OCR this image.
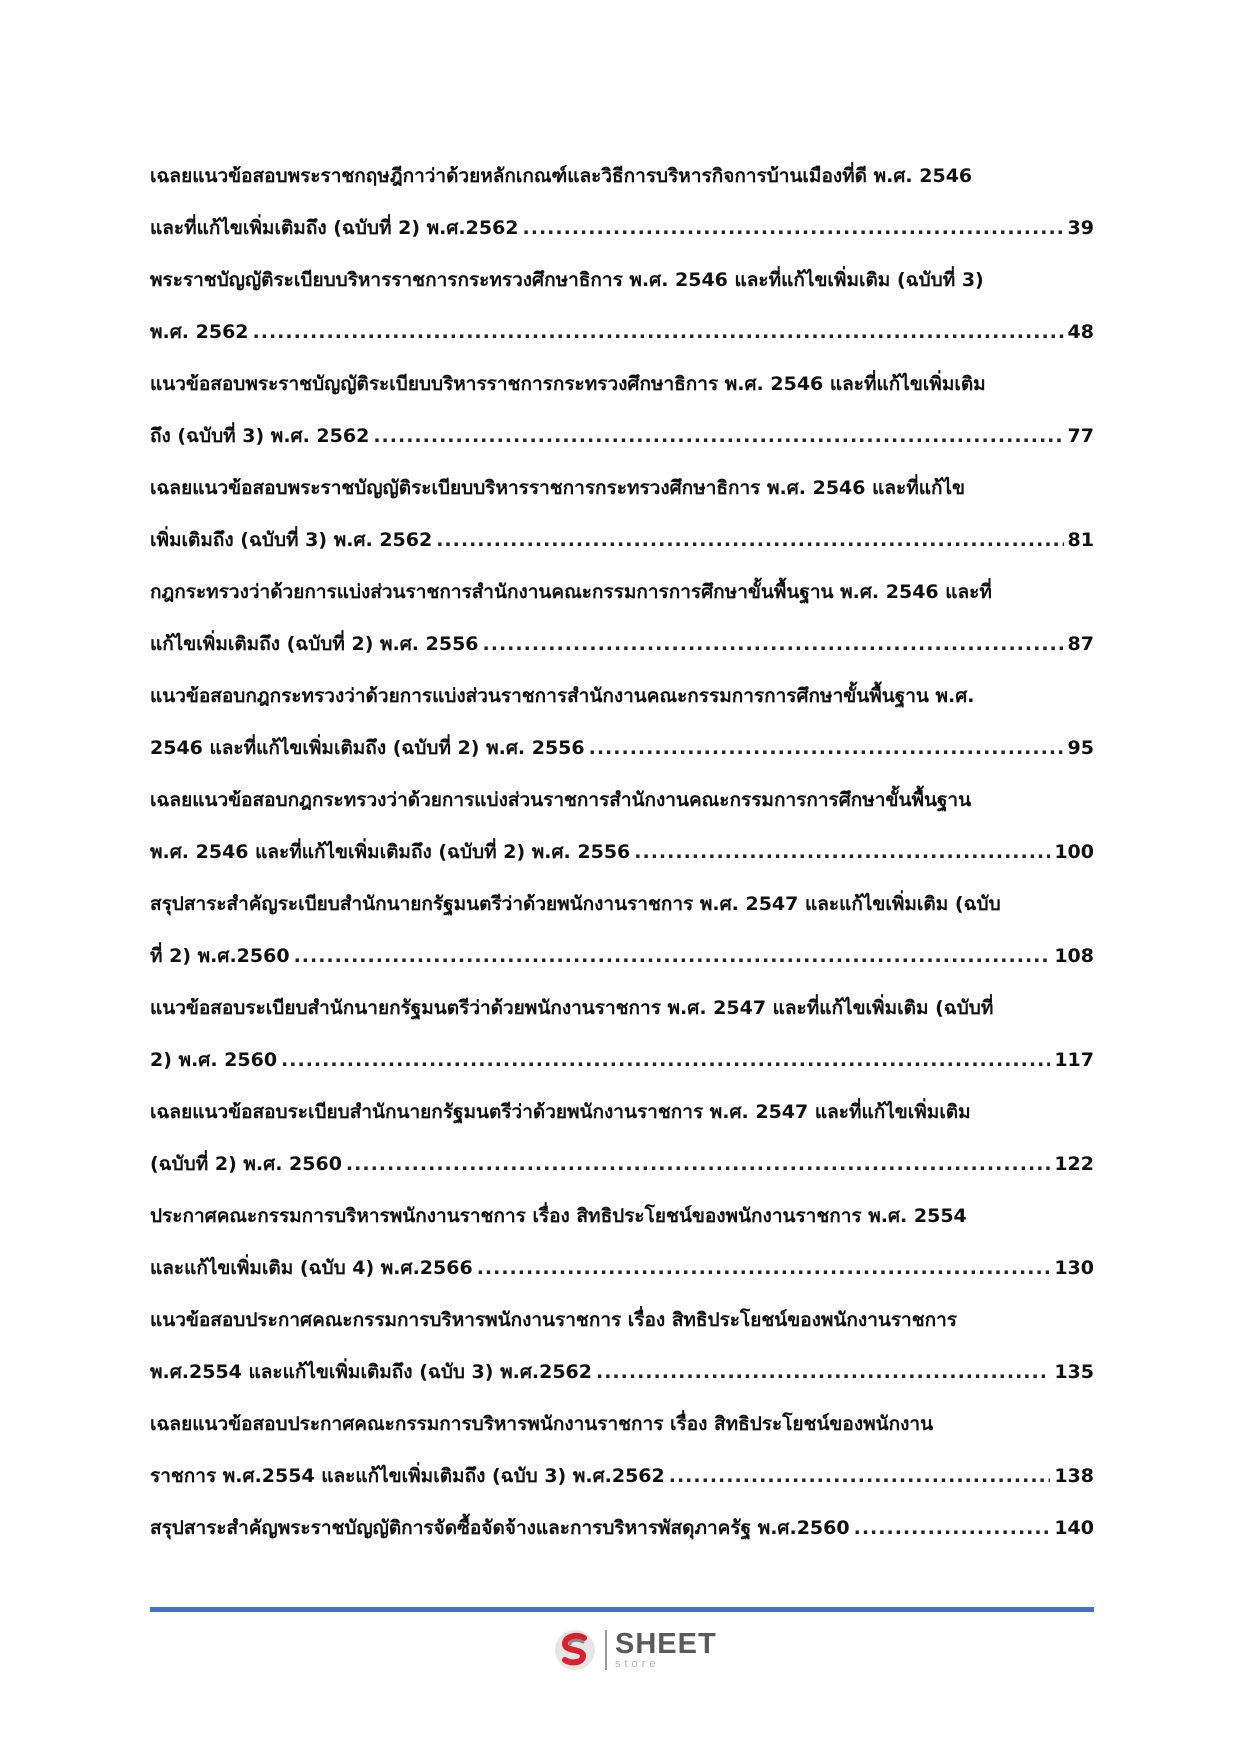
เฉลยแนวข้อสอบพระราชกฤษฎีกาว่าด้วยหลักเกณฑ์และวิธีการบริหารกิจการบ้านเมืองที่ดี พ.ศ. 2546
และที่แก้ไขเพิ่มเติมถึง (ฉบับที่ 2) พ.ศ.2562 .....	39
พระราชบัญญัติระเบียบบริหารราชการกระทรวงศึกษาธิการ พ.ศ. 2546 และที่แก้ไขเพิ่มเติม (ฉบับที่ 3)
พ.ศ. 2562 .....	48
แนวข้อสอบพระราชบัญญัติระเบียบบริหารราชการกระทรวงศึกษาธิการ พ.ศ. 2546 และที่แก้ไขเพิ่มเติม
ถึง (ฉบับที่ 3) พ.ศ. 2562 .....	77
เฉลยแนวข้อสอบพระราชบัญญัติระเบียบบริหารราชการกระทรวงศึกษาธิการ พ.ศ. 2546 และที่แก้ไข
เพิ่มเติมถึง (ฉบับที่ 3) พ.ศ. 2562 .....	81
กฎกระทรวงว่าด้วยการแบ่งส่วนราชการสำนักงานคณะกรรมการการศึกษาขั้นพื้นฐาน พ.ศ. 2546 และที่
แก้ไขเพิ่มเติมถึง (ฉบับที่ 2) พ.ศ. 2556 .....	87
แนวข้อสอบกฎกระทรวงว่าด้วยการแบ่งส่วนราชการสำนักงานคณะกรรมการการศึกษาขั้นพื้นฐาน พ.ศ.
2546 และที่แก้ไขเพิ่มเติมถึง (ฉบับที่ 2) พ.ศ. 2556 .....	95
เฉลยแนวข้อสอบกฎกระทรวงว่าด้วยการแบ่งส่วนราชการสำนักงานคณะกรรมการการศึกษาขั้นพื้นฐาน
พ.ศ. 2546 และที่แก้ไขเพิ่มเติมถึง (ฉบับที่ 2) พ.ศ. 2556 .....	100
สรุปสาระสำคัญระเบียบสำนักนายกรัฐมนตรีว่าด้วยพนักงานราชการ พ.ศ. 2547 และแก้ไขเพิ่มเติม (ฉบับ
ที่ 2) พ.ศ.2560 .....	108
แนวข้อสอบระเบียบสำนักนายกรัฐมนตรีว่าด้วยพนักงานราชการ พ.ศ. 2547 และที่แก้ไขเพิ่มเติม (ฉบับที่
2) พ.ศ. 2560 .....	117
เฉลยแนวข้อสอบระเบียบสำนักนายกรัฐมนตรีว่าด้วยพนักงานราชการ พ.ศ. 2547 และที่แก้ไขเพิ่มเติม
(ฉบับที่ 2) พ.ศ. 2560 .....	122
ประกาศคณะกรรมการบริหารพนักงานราชการ เรื่อง สิทธิประโยชน์ของพนักงานราชการ พ.ศ. 2554
และแก้ไขเพิ่มเติม (ฉบับ 4) พ.ศ.2566 .....	130
แนวข้อสอบประกาศคณะกรรมการบริหารพนักงานราชการ เรื่อง สิทธิประโยชน์ของพนักงานราชการ
พ.ศ.2554 และแก้ไขเพิ่มเติมถึง (ฉบับ 3) พ.ศ.2562 .....	135
เฉลยแนวข้อสอบประกาศคณะกรรมการบริหารพนักงานราชการ เรื่อง สิทธิประโยชน์ของพนักงาน
ราชการ พ.ศ.2554 และแก้ไขเพิ่มเติมถึง (ฉบับ 3) พ.ศ.2562 .....	138
สรุปสาระสำคัญพระราชบัญญัติการจัดซื้อจัดจ้างและการบริหารพัสดุภาครัฐ พ.ศ.2560 .....	140
SHEET
store
